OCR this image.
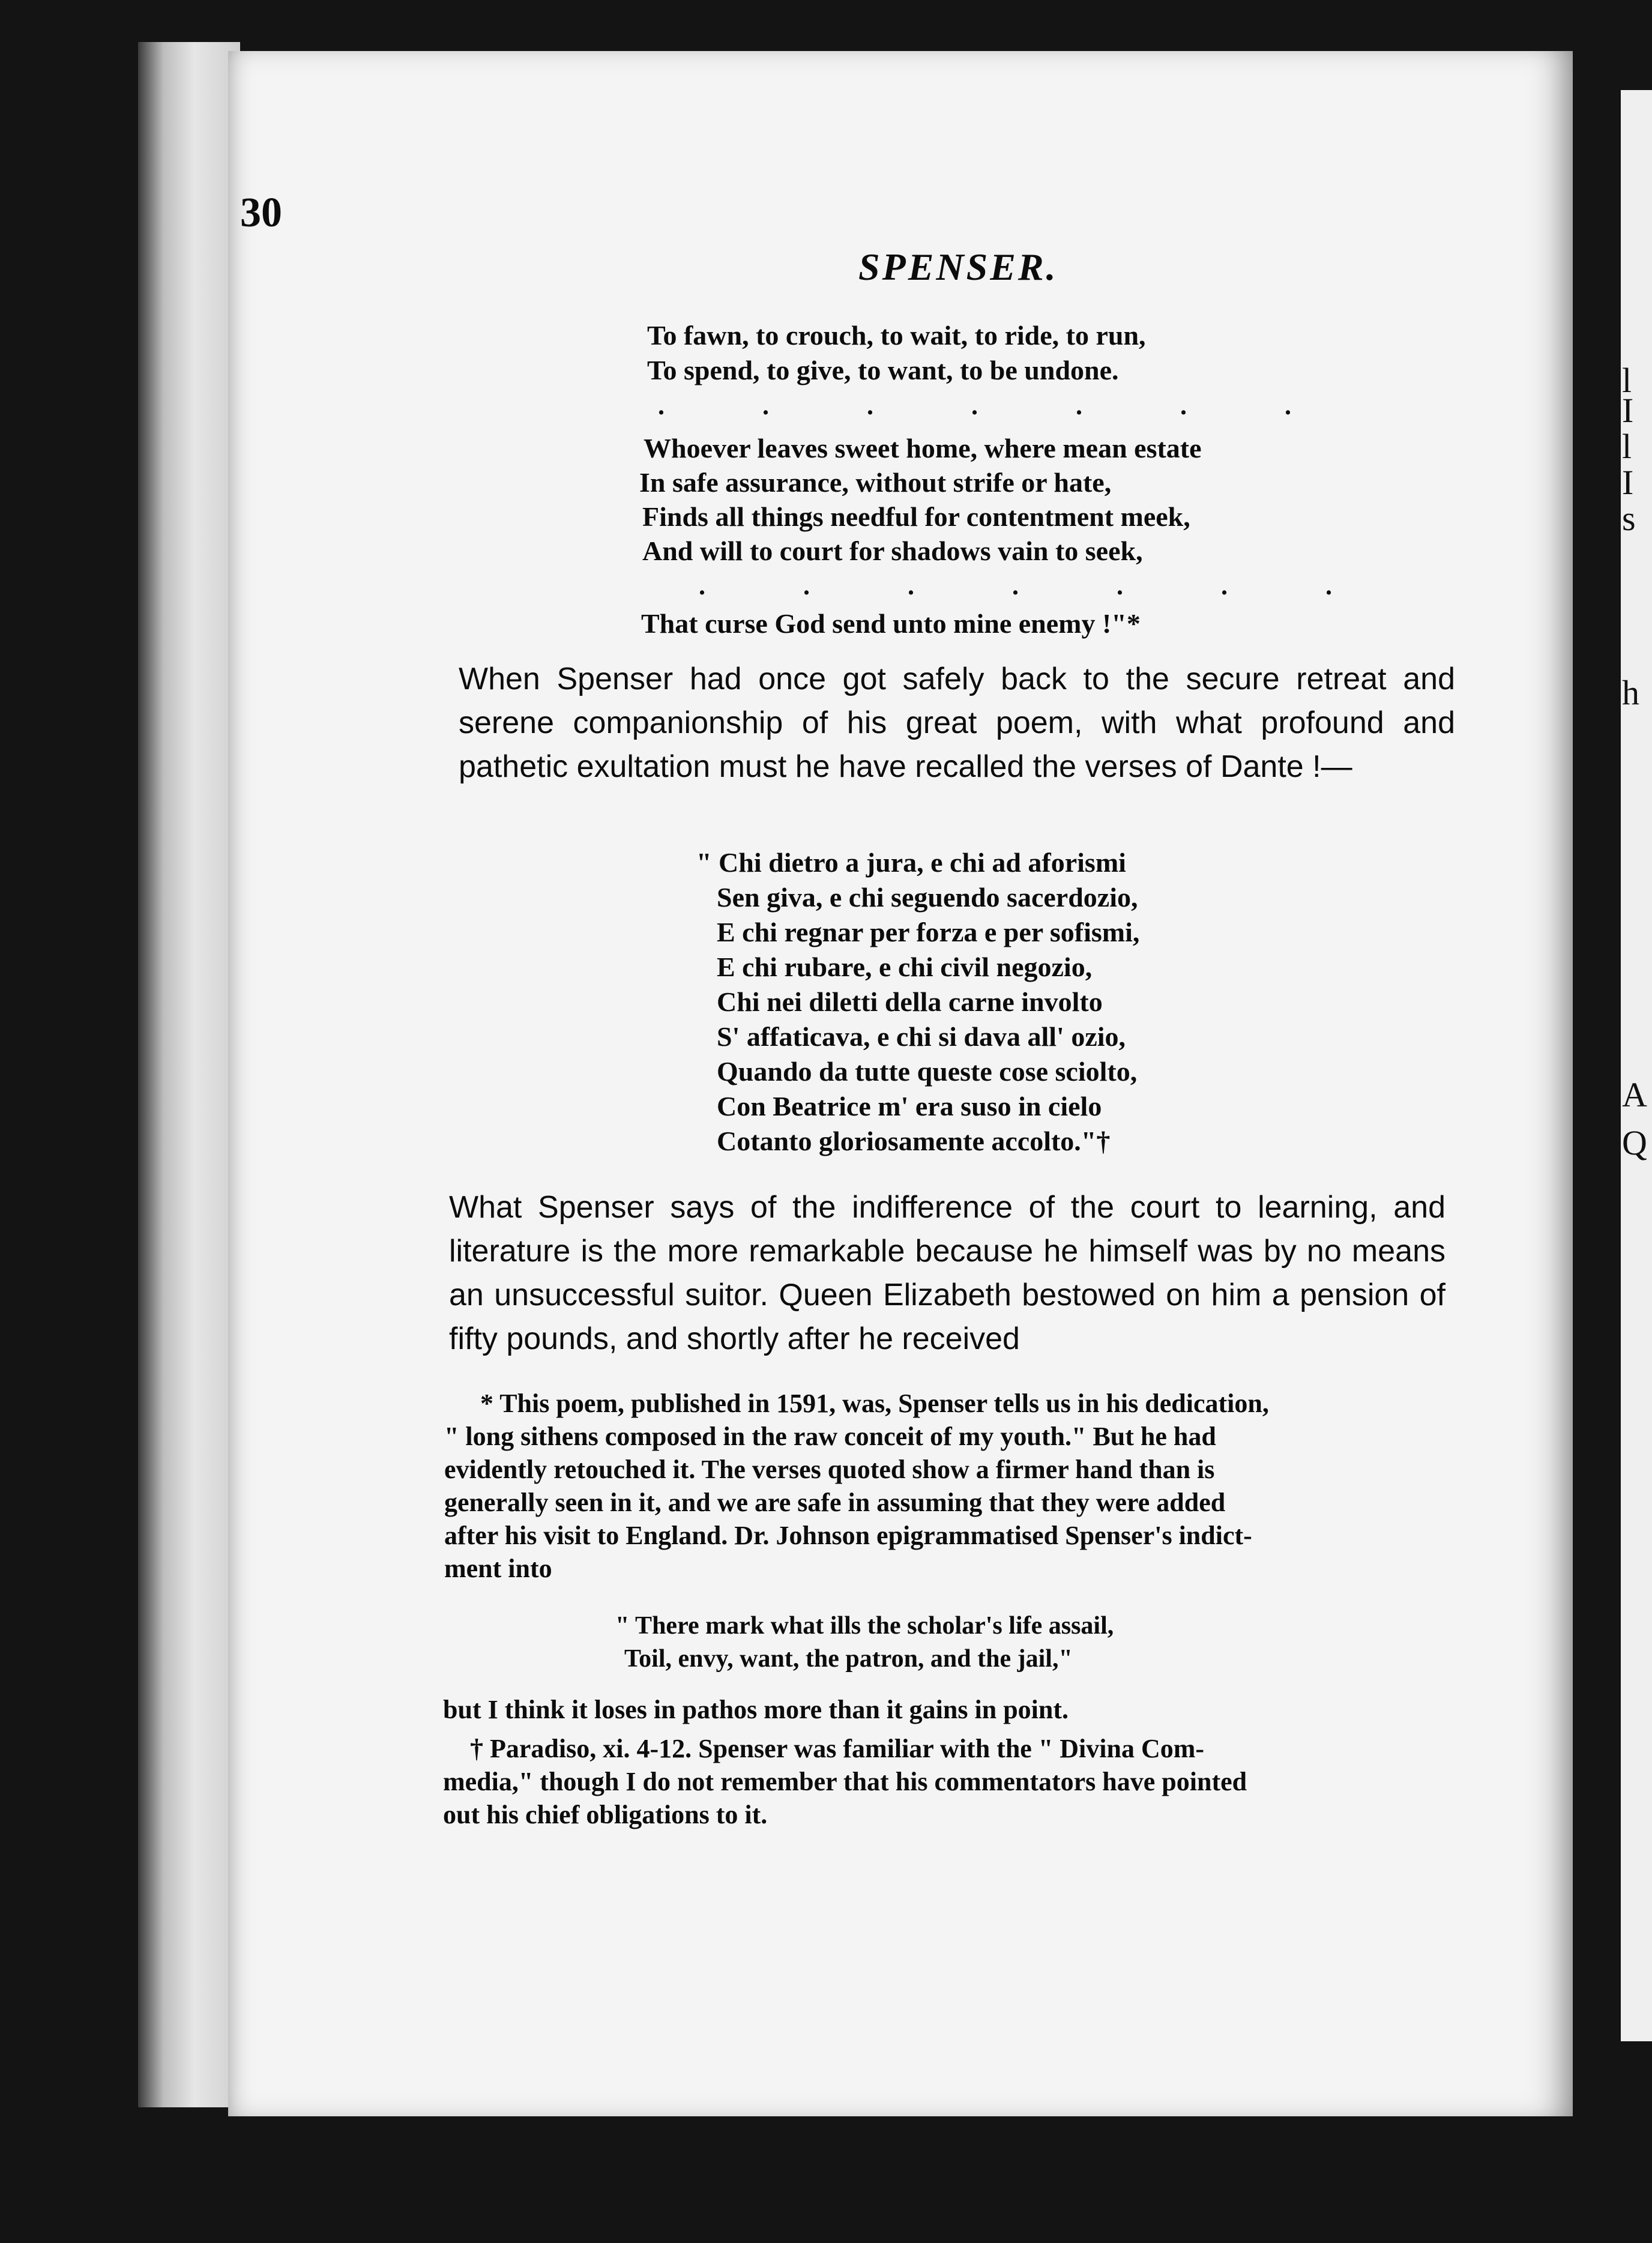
l
I
l
I
s
h
A
Q
30
SPENSER.
To fawn, to crouch, to wait, to ride, to run,
To spend, to give, to want, to be undone.
. . . . . . .
Whoever leaves sweet home, where mean estate
In safe assurance, without strife or hate,
Finds all things needful for contentment meek,
And will to court for shadows vain to seek,
. . . . . . .
That curse God send unto mine enemy !"*
When Spenser had once got safely back to the secure retreat and serene companionship of his great poem, with what profound and pathetic exultation must he have recalled the verses of Dante !—
" Chi dietro a jura, e chi ad aforismi
Sen giva, e chi seguendo sacerdozio,
E chi regnar per forza e per sofismi,
E chi rubare, e chi civil negozio,
Chi nei diletti della carne involto
S' affaticava, e chi si dava all' ozio,
Quando da tutte queste cose sciolto,
Con Beatrice m' era suso in cielo
Cotanto gloriosamente accolto."†
What Spenser says of the indifference of the court to learning, and literature is the more remarkable because he himself was by no means an unsuccessful suitor. Queen Elizabeth bestowed on him a pension of fifty pounds, and shortly after he received
* This poem, published in 1591, was, Spenser tells us in his dedication,
" long sithens composed in the raw conceit of my youth." But he had
evidently retouched it. The verses quoted show a firmer hand than is
generally seen in it, and we are safe in assuming that they were added
after his visit to England. Dr. Johnson epigrammatised Spenser's indict-
ment into
" There mark what ills the scholar's life assail,
Toil, envy, want, the patron, and the jail,"
but I think it loses in pathos more than it gains in point.
† Paradiso, xi. 4-12. Spenser was familiar with the " Divina Com-
media," though I do not remember that his commentators have pointed
out his chief obligations to it.
